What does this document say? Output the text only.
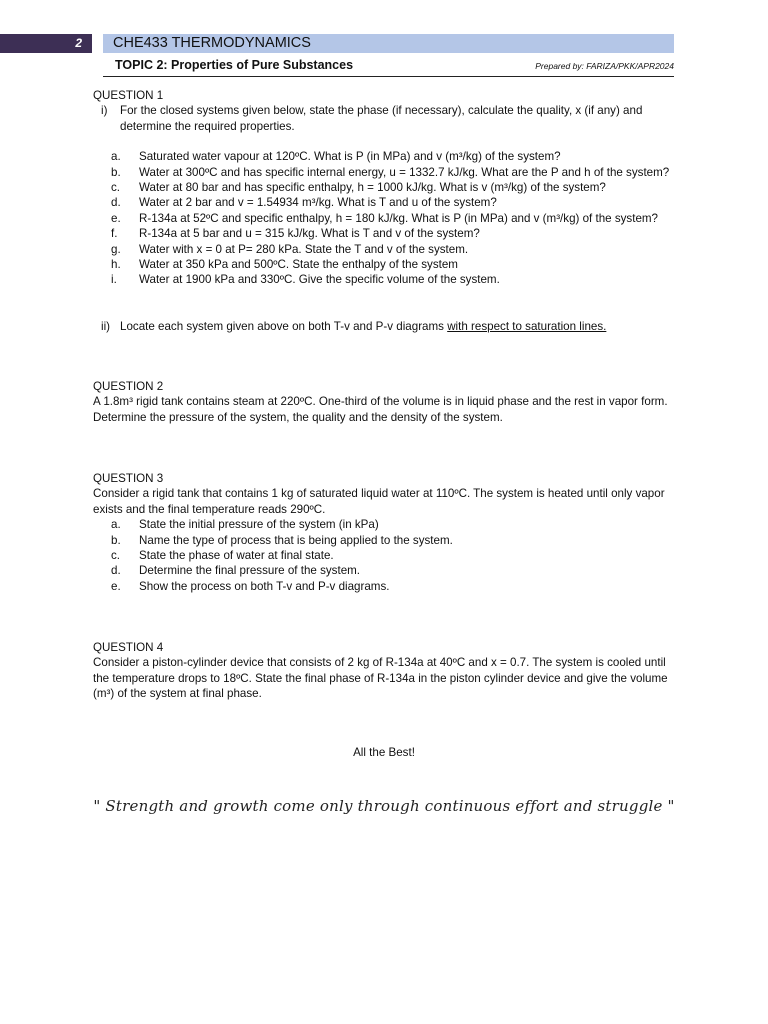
2	CHE433 THERMODYNAMICS
TOPIC 2: Properties of Pure Substances	Prepared by: FARIZA/PKK/APR2024

QUESTION 1

i) For the closed systems given below, state the phase (if necessary), calculate the quality, x (if any) and determine the required properties.
a. Saturated water vapour at 120ºC. What is P (in MPa) and v (m³/kg) of the system?
b. Water at 300ºC and has specific internal energy, u = 1332.7 kJ/kg. What are the P and h of the system?
c. Water at 80 bar and has specific enthalpy, h = 1000 kJ/kg. What is v (m³/kg) of the system?
d. Water at 2 bar and v = 1.54934 m³/kg. What is T and u of the system?
e. R-134a at 52ºC and specific enthalpy, h = 180 kJ/kg. What is P (in MPa) and v (m³/kg) of the system?
f. R-134a at 5 bar and u = 315 kJ/kg. What is T and v of the system?
g. Water with x = 0 at P= 280 kPa. State the T and v of the system.
h. Water at 350 kPa and 500ºC. State the enthalpy of the system
i. Water at 1900 kPa and 330ºC. Give the specific volume of the system.
ii) Locate each system given above on both T-v and P-v diagrams with respect to saturation lines.

QUESTION 2

A 1.8m³ rigid tank contains steam at 220ºC. One-third of the volume is in liquid phase and the rest in vapor form. Determine the pressure of the system, the quality and the density of the system.

QUESTION 3

Consider a rigid tank that contains 1 kg of saturated liquid water at 110ºC. The system is heated until only vapor exists and the final temperature reads 290ºC.

a. State the initial pressure of the system (in kPa)
b. Name the type of process that is being applied to the system.
c. State the phase of water at final state.
d. Determine the final pressure of the system.
e. Show the process on both T-v and P-v diagrams.

QUESTION 4

Consider a piston-cylinder device that consists of 2 kg of R-134a at 40ºC and x = 0.7. The system is cooled until the temperature drops to 18ºC. State the final phase of R-134a in the piston cylinder device and give the volume (m³) of the system at final phase.

All the Best!
" Strength and growth come only through continuous effort and struggle "
